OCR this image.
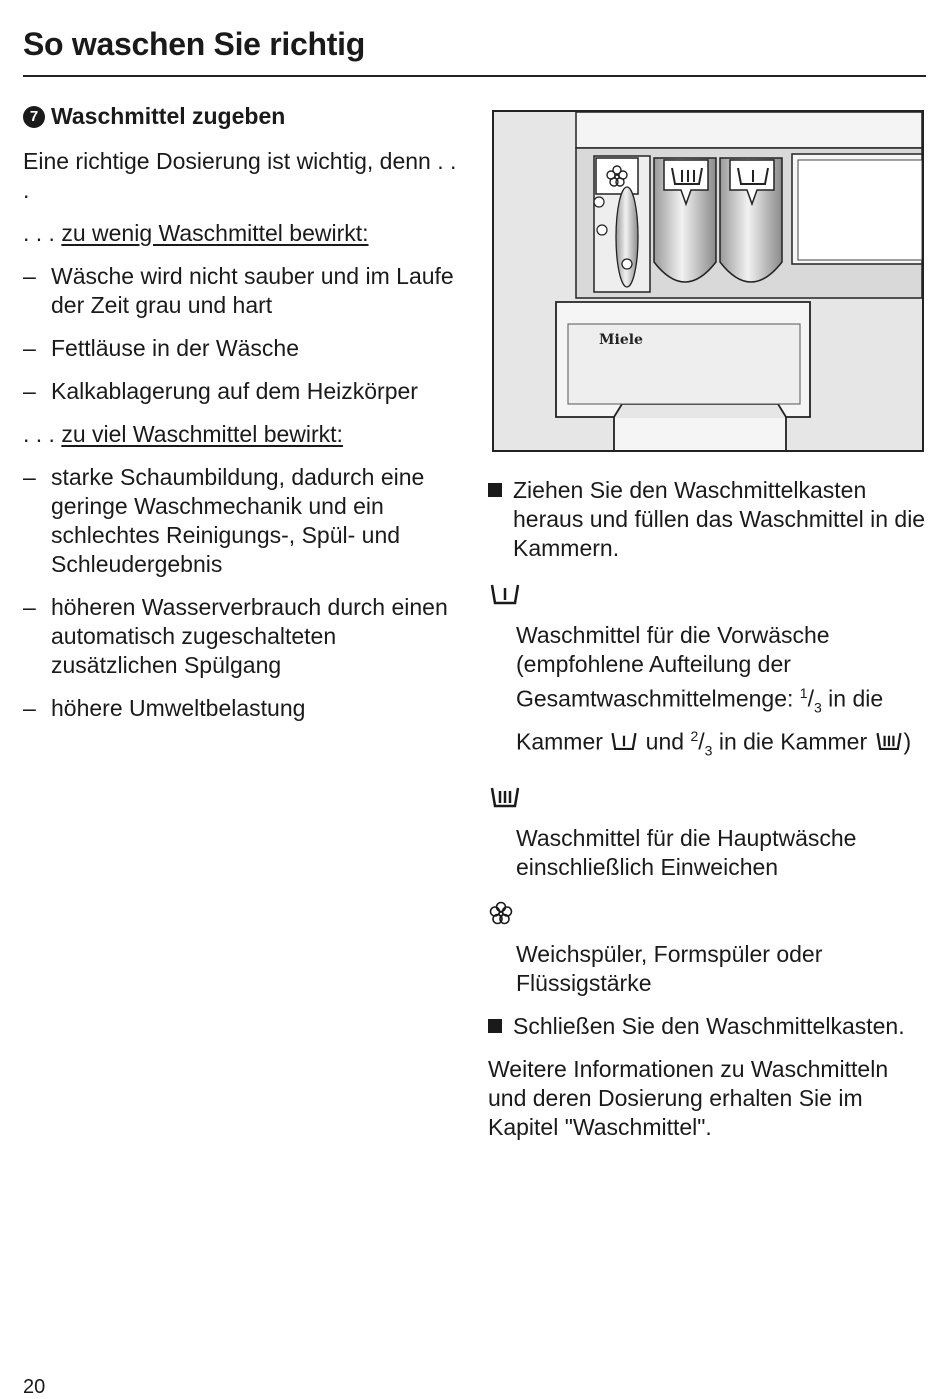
So waschen Sie richtig
7 Waschmittel zugeben

Eine richtige Dosierung ist wichtig, denn . . .

. . . zu wenig Waschmittel bewirkt:

– Wäsche wird nicht sauber und im Laufe der Zeit grau und hart
– Fettläuse in der Wäsche
– Kalkablagerung auf dem Heizkörper

. . . zu viel Waschmittel bewirkt:

– starke Schaumbildung, dadurch eine geringe Waschmechanik und ein schlechtes Reinigungs-, Spül- und Schleudergebnis
– höheren Wasserverbrauch durch einen automatisch zugeschalteten zusätzlichen Spülgang
– höhere Umweltbelastung
Miele
Ziehen Sie den Waschmittelkasten heraus und füllen das Waschmittel in die Kammern.

Waschmittel für die Vorwäsche (empfohlene Aufteilung der Gesamtwaschmittelmenge: $^1/_3$ in die Kammer  und $^2/_3$ in die Kammer )

Waschmittel für die Hauptwäsche einschließlich Einweichen

Weichspüler, Formspüler oder Flüssigstärke

Schließen Sie den Waschmittelkasten.

Weitere Informationen zu Waschmitteln und deren Dosierung erhalten Sie im Kapitel "Waschmittel".

20
